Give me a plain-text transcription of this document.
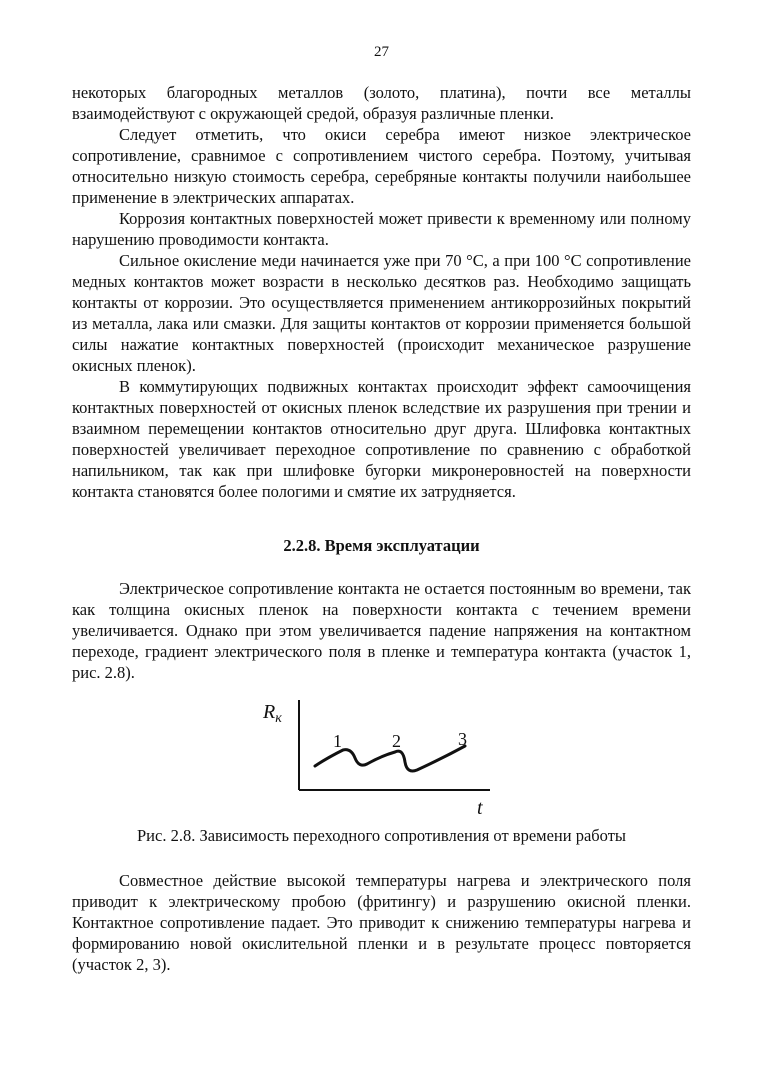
27

некоторых благородных металлов (золото, платина), почти все металлы взаимодействуют с окружающей средой, образуя различные пленки.

Следует отметить, что окиси серебра имеют низкое электрическое сопротивление, сравнимое с сопротивлением чистого серебра. Поэтому, учитывая относительно низкую стоимость серебра, серебряные контакты получили наибольшее применение в электрических аппаратах.

Коррозия контактных поверхностей может привести к временному или полному нарушению проводимости контакта.

Сильное окисление меди начинается уже при 70 °С, а при 100 °С сопротивление медных контактов может возрасти в несколько десятков раз. Необходимо защищать контакты от коррозии. Это осуществляется применением антикоррозийных покрытий из металла, лака или смазки. Для защиты контактов от коррозии применяется большой силы нажатие контактных поверхностей (происходит механическое разрушение окисных пленок).

В коммутирующих подвижных контактах происходит эффект самоочищения контактных поверхностей от окисных пленок вследствие их разрушения при трении и взаимном перемещении контактов относительно друг друга. Шлифовка контактных поверхностей увеличивает переходное сопротивление по сравнению с обработкой напильником, так как при шлифовке бугорки микронеровностей на поверхности контакта становятся более пологими и смятие их затрудняется.

2.2.8. Время эксплуатации

Электрическое сопротивление контакта не остается постоянным во времени, так как толщина окисных пленок на поверхности контакта с течением времени увеличивается. Однако при этом увеличивается падение напряжения на контактном переходе, градиент электрического поля в пленке и температура контакта (участок 1, рис. 2.8).

$R_к$
t
1	2	3
Рис. 2.8. Зависимость переходного сопротивления от времени работы

Совместное действие высокой температуры нагрева и электрического поля приводит к электрическому пробою (фритингу) и разрушению окисной пленки. Контактное сопротивление падает. Это приводит к снижению температуры нагрева и формированию новой окислительной пленки и в результате процесс повторяется (участок 2, 3).
